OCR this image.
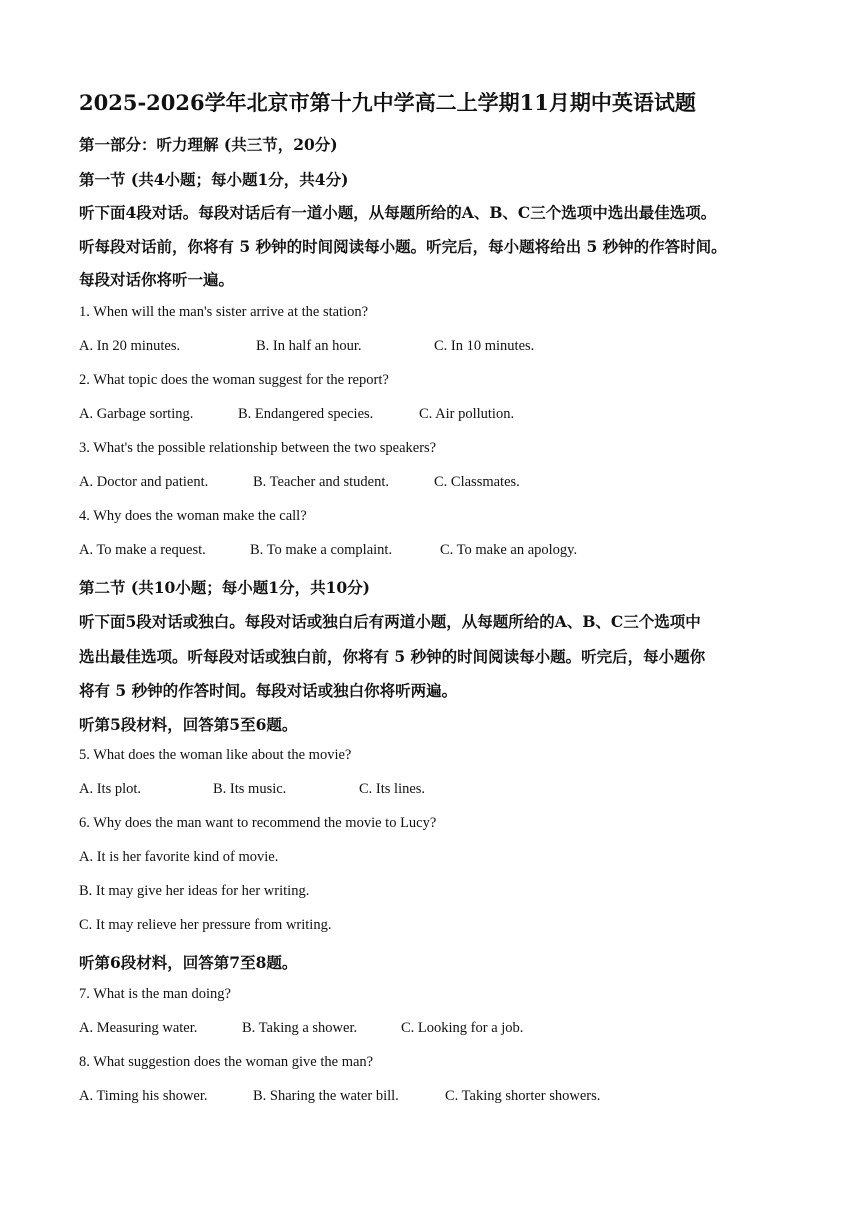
2025-2026学年北京市第十九中学高二上学期11月期中英语试题
第一部分：听力理解 (共三节，20分)
第一节 (共4小题；每小题1分，共4分)
听下面4段对话。每段对话后有一道小题，从每题所给的A、B、C三个选项中选出最佳选项。
听每段对话前，你将有 5 秒钟的时间阅读每小题。听完后，每小题将给出 5 秒钟的作答时间。
每段对话你将听一遍。
1. When will the man's sister arrive at the station?
A. In 20 minutes.	B. In half an hour.	C. In 10 minutes.
2. What topic does the woman suggest for the report?
A. Garbage sorting.	B. Endangered species.	C. Air pollution.
3. What's the possible relationship between the two speakers?
A. Doctor and patient.	B. Teacher and student.	C. Classmates.
4. Why does the woman make the call?
A. To make a request.	B. To make a complaint.	C. To make an apology.
第二节 (共10小题；每小题1分，共10分)
听下面5段对话或独白。每段对话或独白后有两道小题，从每题所给的A、B、C三个选项中
选出最佳选项。听每段对话或独白前，你将有 5 秒钟的时间阅读每小题。听完后，每小题你
将有 5 秒钟的作答时间。每段对话或独白你将听两遍。
听第5段材料，回答第5至6题。
5. What does the woman like about the movie?
A. Its plot.	B. Its music.	C. Its lines.
6. Why does the man want to recommend the movie to Lucy?
A. It is her favorite kind of movie.
B. It may give her ideas for her writing.
C. It may relieve her pressure from writing.
听第6段材料，回答第7至8题。
7. What is the man doing?
A. Measuring water.	B. Taking a shower.	C. Looking for a job.
8. What suggestion does the woman give the man?
A. Timing his shower.	B. Sharing the water bill.	C. Taking shorter showers.
